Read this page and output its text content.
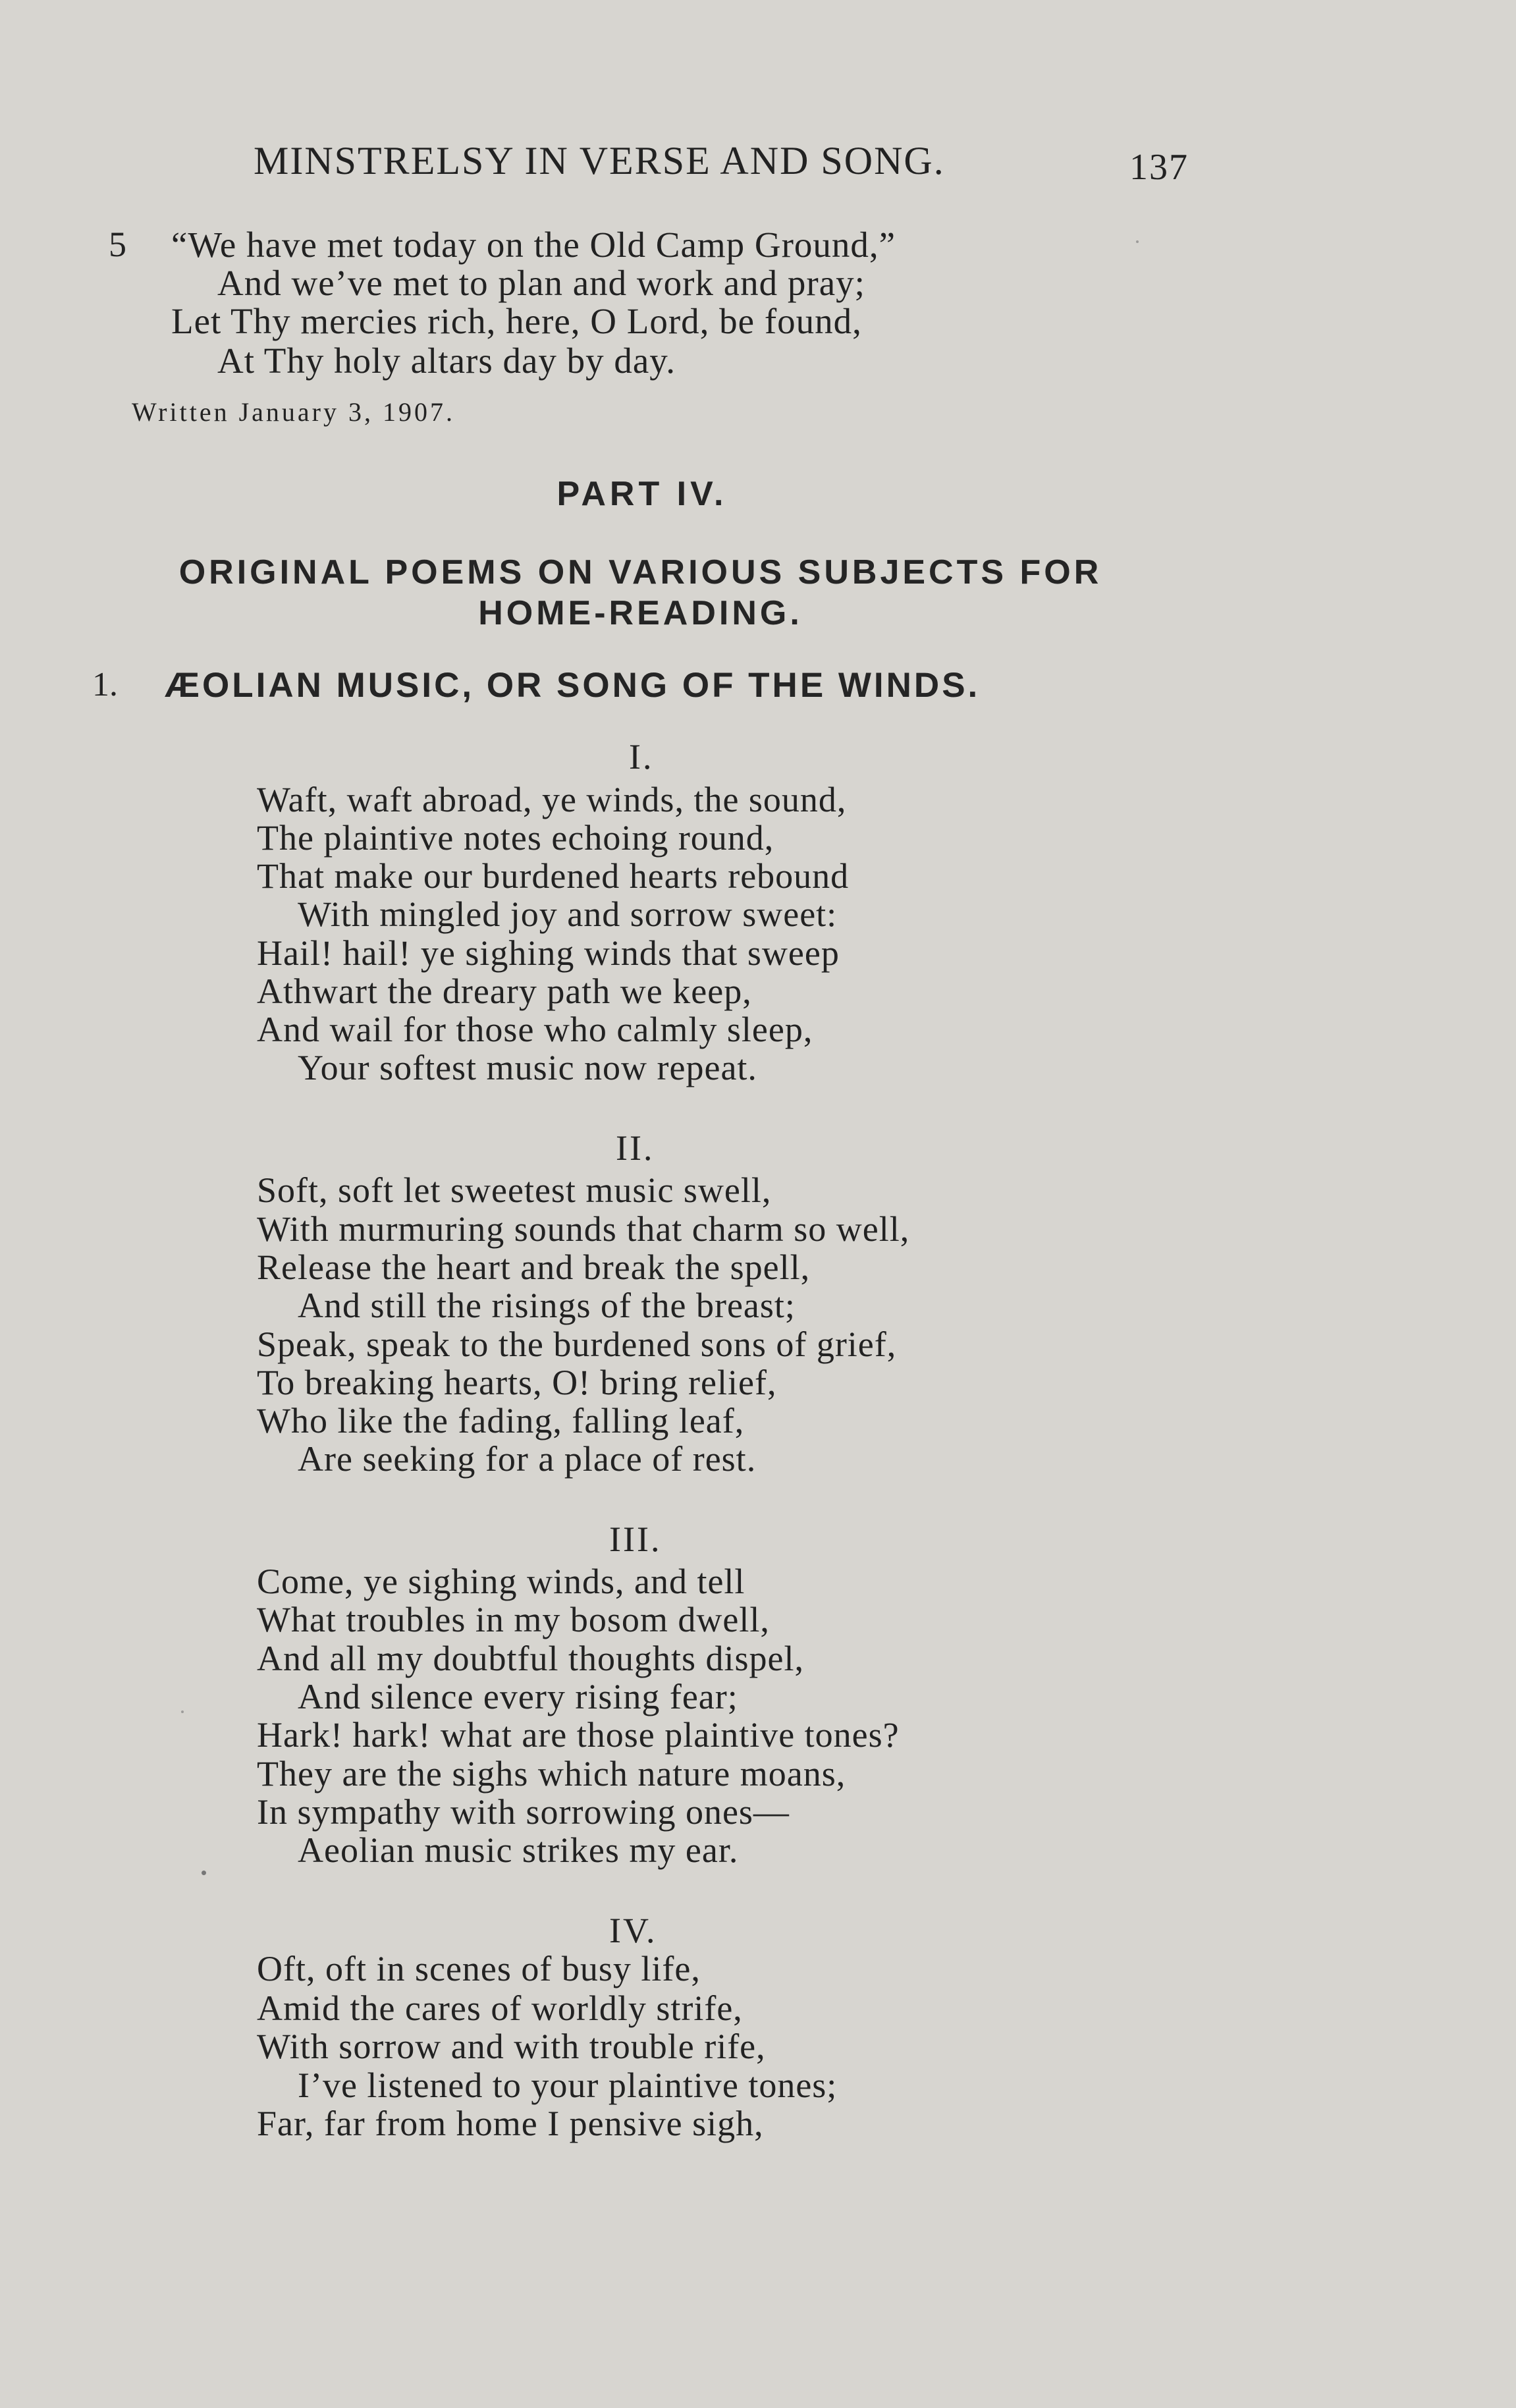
MINSTRELSY IN VERSE AND SONG.	137
5 “We have met today on the Old Camp Ground,”
And we’ve met to plan and work and pray;
Let Thy mercies rich, here, O Lord, be found,
At Thy holy altars day by day.
Written January 3, 1907.
PART IV.
ORIGINAL POEMS ON VARIOUS SUBJECTS FOR
HOME-READING.
1. ÆOLIAN MUSIC, OR SONG OF THE WINDS.
I.
Waft, waft abroad, ye winds, the sound,
The plaintive notes echoing round,
That make our burdened hearts rebound
With mingled joy and sorrow sweet:
Hail! hail! ye sighing winds that sweep
Athwart the dreary path we keep,
And wail for those who calmly sleep,
Your softest music now repeat.
II.
Soft, soft let sweetest music swell,
With murmuring sounds that charm so well,
Release the heart and break the spell,
And still the risings of the breast;
Speak, speak to the burdened sons of grief,
To breaking hearts, O! bring relief,
Who like the fading, falling leaf,
Are seeking for a place of rest.
III.
Come, ye sighing winds, and tell
What troubles in my bosom dwell,
And all my doubtful thoughts dispel,
And silence every rising fear;
Hark! hark! what are those plaintive tones?
They are the sighs which nature moans,
In sympathy with sorrowing ones—
Aeolian music strikes my ear.
IV.
Oft, oft in scenes of busy life,
Amid the cares of worldly strife,
With sorrow and with trouble rife,
I’ve listened to your plaintive tones;
Far, far from home I pensive sigh,
